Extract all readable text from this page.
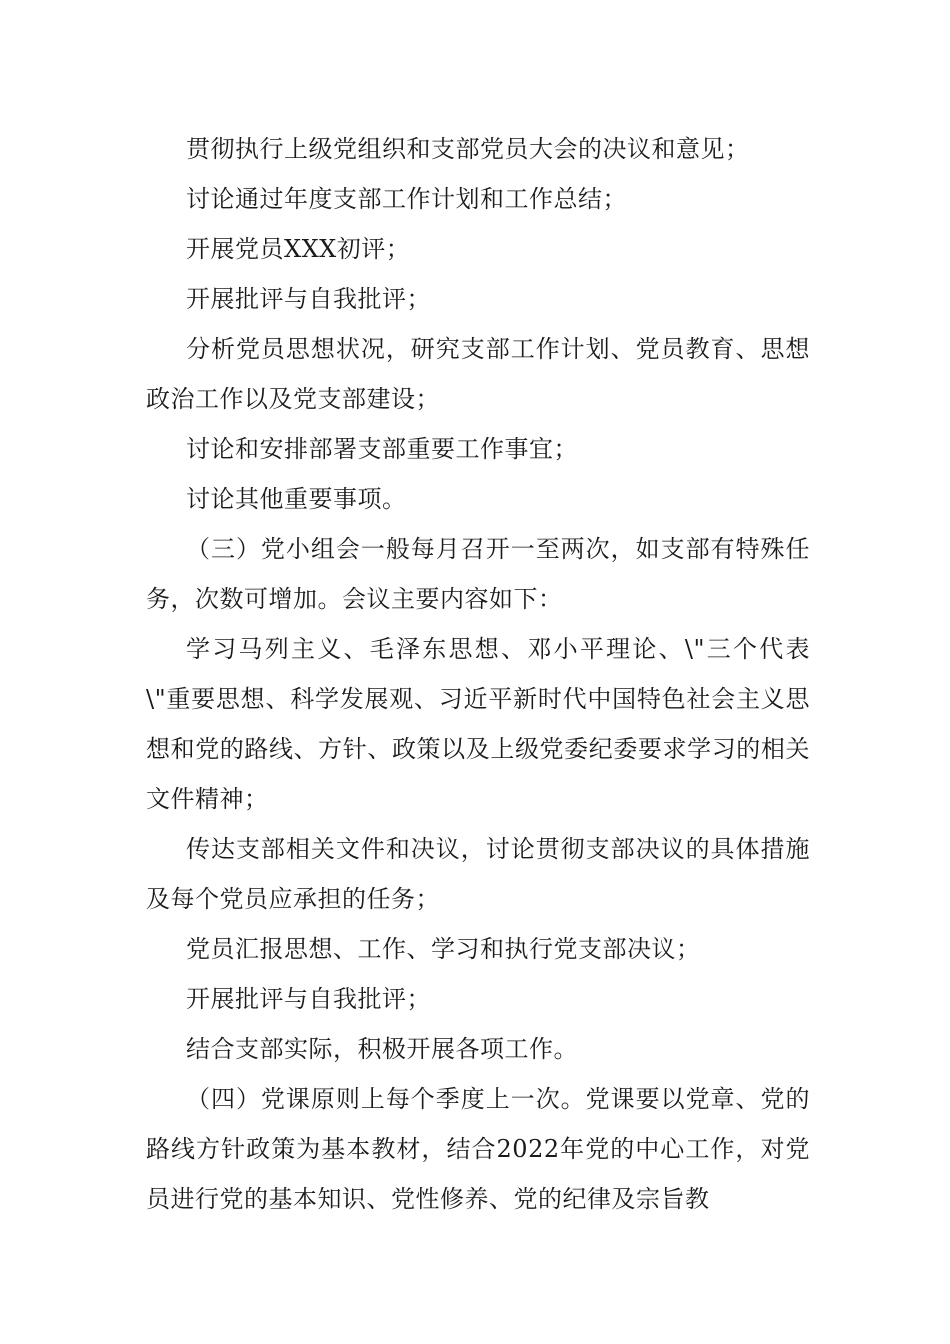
贯彻执行上级党组织和支部党员大会的决议和意见；

讨论通过年度支部工作计划和工作总结；

开展党员XXX初评；

开展批评与自我批评；

分析党员思想状况，研究支部工作计划、党员教育、思想政治工作以及党支部建设；

讨论和安排部署支部重要工作事宜；

讨论其他重要事项。

（三）党小组会一般每月召开一至两次，如支部有特殊任务，次数可增加。会议主要内容如下：

学习马列主义、毛泽东思想、邓小平理论、\"三个代表\"重要思想、科学发展观、习近平新时代中国特色社会主义思想和党的路线、方针、政策以及上级党委纪委要求学习的相关文件精神；

传达支部相关文件和决议，讨论贯彻支部决议的具体措施及每个党员应承担的任务；

党员汇报思想、工作、学习和执行党支部决议；

开展批评与自我批评；

结合支部实际，积极开展各项工作。

（四）党课原则上每个季度上一次。党课要以党章、党的路线方针政策为基本教材，结合2022年党的中心工作，对党员进行党的基本知识、党性修养、党的纪律及宗旨教
